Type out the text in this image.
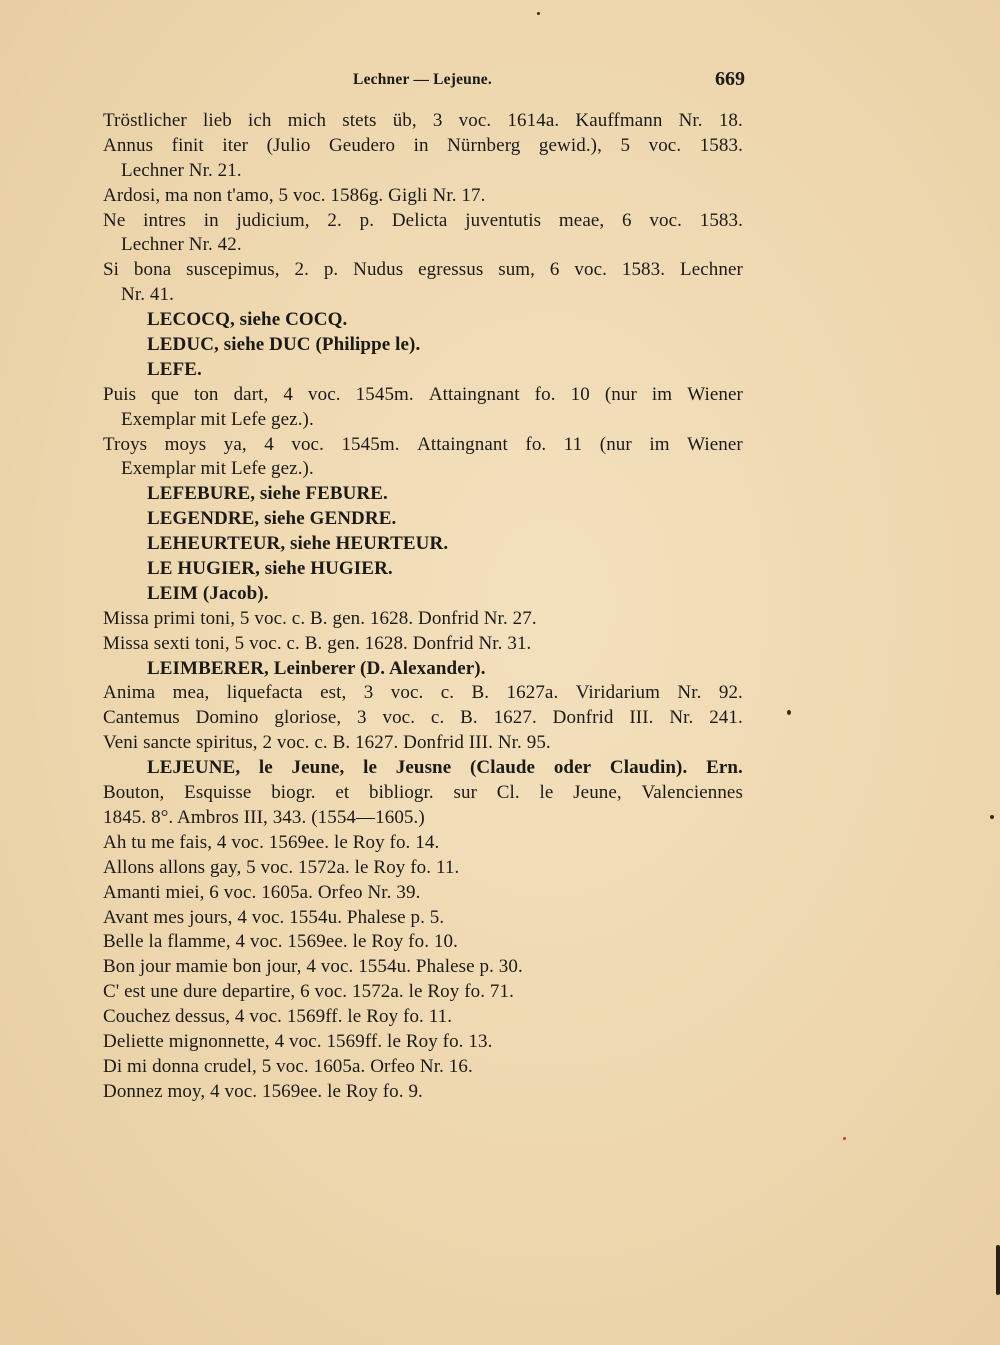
Lechner — Lejeune.	669
Tröstlicher lieb ich mich stets üb, 3 voc. 1614a. Kauffmann Nr. 18.
Annus finit iter (Julio Geudero in Nürnberg gewid.), 5 voc. 1583.
Lechner Nr. 21.
Ardosi, ma non t'amo, 5 voc. 1586g. Gigli Nr. 17.
Ne intres in judicium, 2. p. Delicta juventutis meae, 6 voc. 1583.
Lechner Nr. 42.
Si bona suscepimus, 2. p. Nudus egressus sum, 6 voc. 1583. Lechner
Nr. 41.
LECOCQ, siehe COCQ.
LEDUC, siehe DUC (Philippe le).
LEFE.
Puis que ton dart, 4 voc. 1545m. Attaingnant fo. 10 (nur im Wiener
Exemplar mit Lefe gez.).
Troys moys ya, 4 voc. 1545m. Attaingnant fo. 11 (nur im Wiener
Exemplar mit Lefe gez.).
LEFEBURE, siehe FEBURE.
LEGENDRE, siehe GENDRE.
LEHEURTEUR, siehe HEURTEUR.
LE HUGIER, siehe HUGIER.
LEIM (Jacob).
Missa primi toni, 5 voc. c. B. gen. 1628. Donfrid Nr. 27.
Missa sexti toni, 5 voc. c. B. gen. 1628. Donfrid Nr. 31.
LEIMBERER, Leinberer (D. Alexander).
Anima mea, liquefacta est, 3 voc. c. B. 1627a. Viridarium Nr. 92.
Cantemus Domino gloriose, 3 voc. c. B. 1627. Donfrid III. Nr. 241.
Veni sancte spiritus, 2 voc. c. B. 1627. Donfrid III. Nr. 95.
LEJEUNE, le Jeune, le Jeusne (Claude oder Claudin). Ern.
Bouton, Esquisse biogr. et bibliogr. sur Cl. le Jeune, Valenciennes
1845. 8°. Ambros III, 343. (1554—1605.)
Ah tu me fais, 4 voc. 1569ee. le Roy fo. 14.
Allons allons gay, 5 voc. 1572a. le Roy fo. 11.
Amanti miei, 6 voc. 1605a. Orfeo Nr. 39.
Avant mes jours, 4 voc. 1554u. Phalese p. 5.
Belle la flamme, 4 voc. 1569ee. le Roy fo. 10.
Bon jour mamie bon jour, 4 voc. 1554u. Phalese p. 30.
C' est une dure departire, 6 voc. 1572a. le Roy fo. 71.
Couchez dessus, 4 voc. 1569ff. le Roy fo. 11.
Deliette mignonnette, 4 voc. 1569ff. le Roy fo. 13.
Di mi donna crudel, 5 voc. 1605a. Orfeo Nr. 16.
Donnez moy, 4 voc. 1569ee. le Roy fo. 9.
